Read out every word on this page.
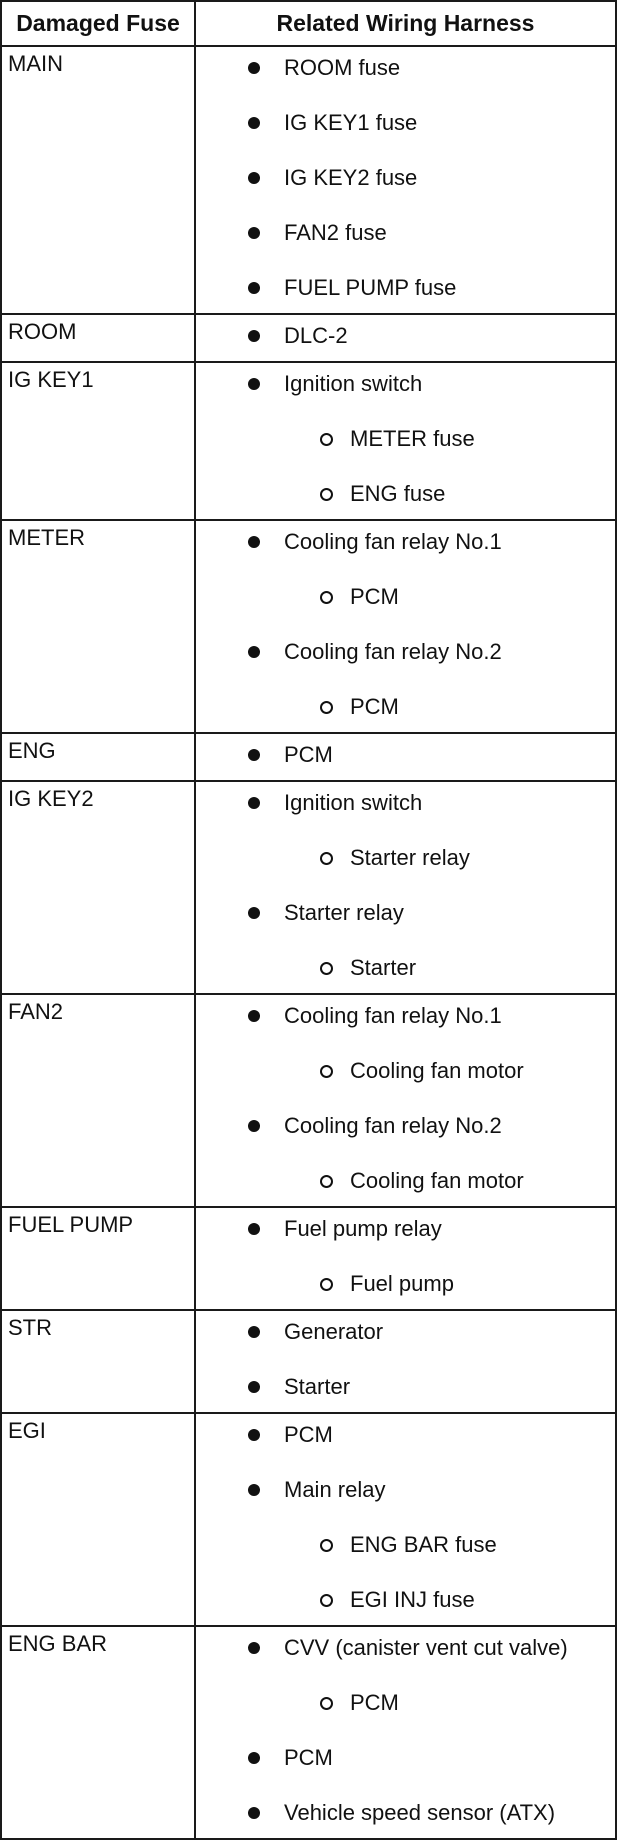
Damaged Fuse	Related Wiring Harness
MAIN	ROOM fuse
IG KEY1 fuse
IG KEY2 fuse
FAN2 fuse
FUEL PUMP fuse

ROOM	DLC-2

IG KEY1	Ignition switch
METER fuse
ENG fuse

METER	Cooling fan relay No.1
PCM
Cooling fan relay No.2
PCM

ENG	PCM

IG KEY2	Ignition switch
Starter relay
Starter relay
Starter

FAN2	Cooling fan relay No.1
Cooling fan motor
Cooling fan relay No.2
Cooling fan motor

FUEL PUMP	Fuel pump relay
Fuel pump

STR	Generator
Starter

EGI	PCM
Main relay
ENG BAR fuse
EGI INJ fuse

ENG BAR	CVV (canister vent cut valve)
PCM
PCM
Vehicle speed sensor (ATX)
